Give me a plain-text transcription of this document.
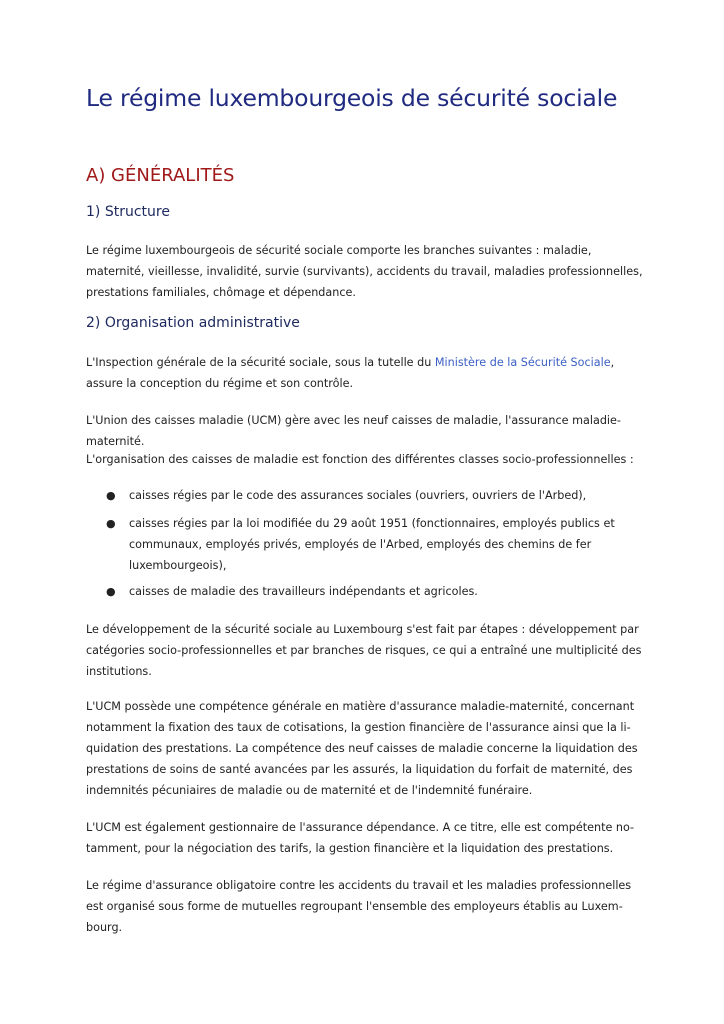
Le régime luxembourgeois de sécurité sociale
A) GÉNÉRALITÉS
1) Structure

Le régime luxembourgeois de sécurité sociale comporte les branches suivantes : maladie, maternité, vieillesse, invalidité, survie (survivants), accidents du travail, maladies professionnelles, prestations familiales, chômage et dépendance.

2) Organisation administrative

L'Inspection générale de la sécurité sociale, sous la tutelle du Ministère de la Sécurité Sociale, assure la conception du régime et son contrôle.

L'Union des caisses maladie (UCM) gère avec les neuf caisses de maladie, l'assurance maladie-maternité.

L'organisation des caisses de maladie est fonction des différentes classes socio-professionnelles :

● caisses régies par le code des assurances sociales (ouvriers, ouvriers de l'Arbed),

● caisses régies par la loi modifiée du 29 août 1951 (fonctionnaires, employés publics et communaux, employés privés, employés de l'Arbed, employés des chemins de fer luxembourgeois),

● caisses de maladie des travailleurs indépendants et agricoles.

Le développement de la sécurité sociale au Luxembourg s'est fait par étapes : développement par catégories socio-professionnelles et par branches de risques, ce qui a entraîné une multiplicité des institutions.

L'UCM possède une compétence générale en matière d'assurance maladie-maternité, concernant notamment la fixation des taux de cotisations, la gestion financière de l'assurance ainsi que la li-quidation des prestations. La compétence des neuf caisses de maladie concerne la liquidation des prestations de soins de santé avancées par les assurés, la liquidation du forfait de maternité, des indemnités pécuniaires de maladie ou de maternité et de l'indemnité funéraire.

L'UCM est également gestionnaire de l'assurance dépendance. A ce titre, elle est compétente no-tamment, pour la négociation des tarifs, la gestion financière et la liquidation des prestations.

Le régime d'assurance obligatoire contre les accidents du travail et les maladies professionnelles est organisé sous forme de mutuelles regroupant l'ensemble des employeurs établis au Luxem-bourg.
